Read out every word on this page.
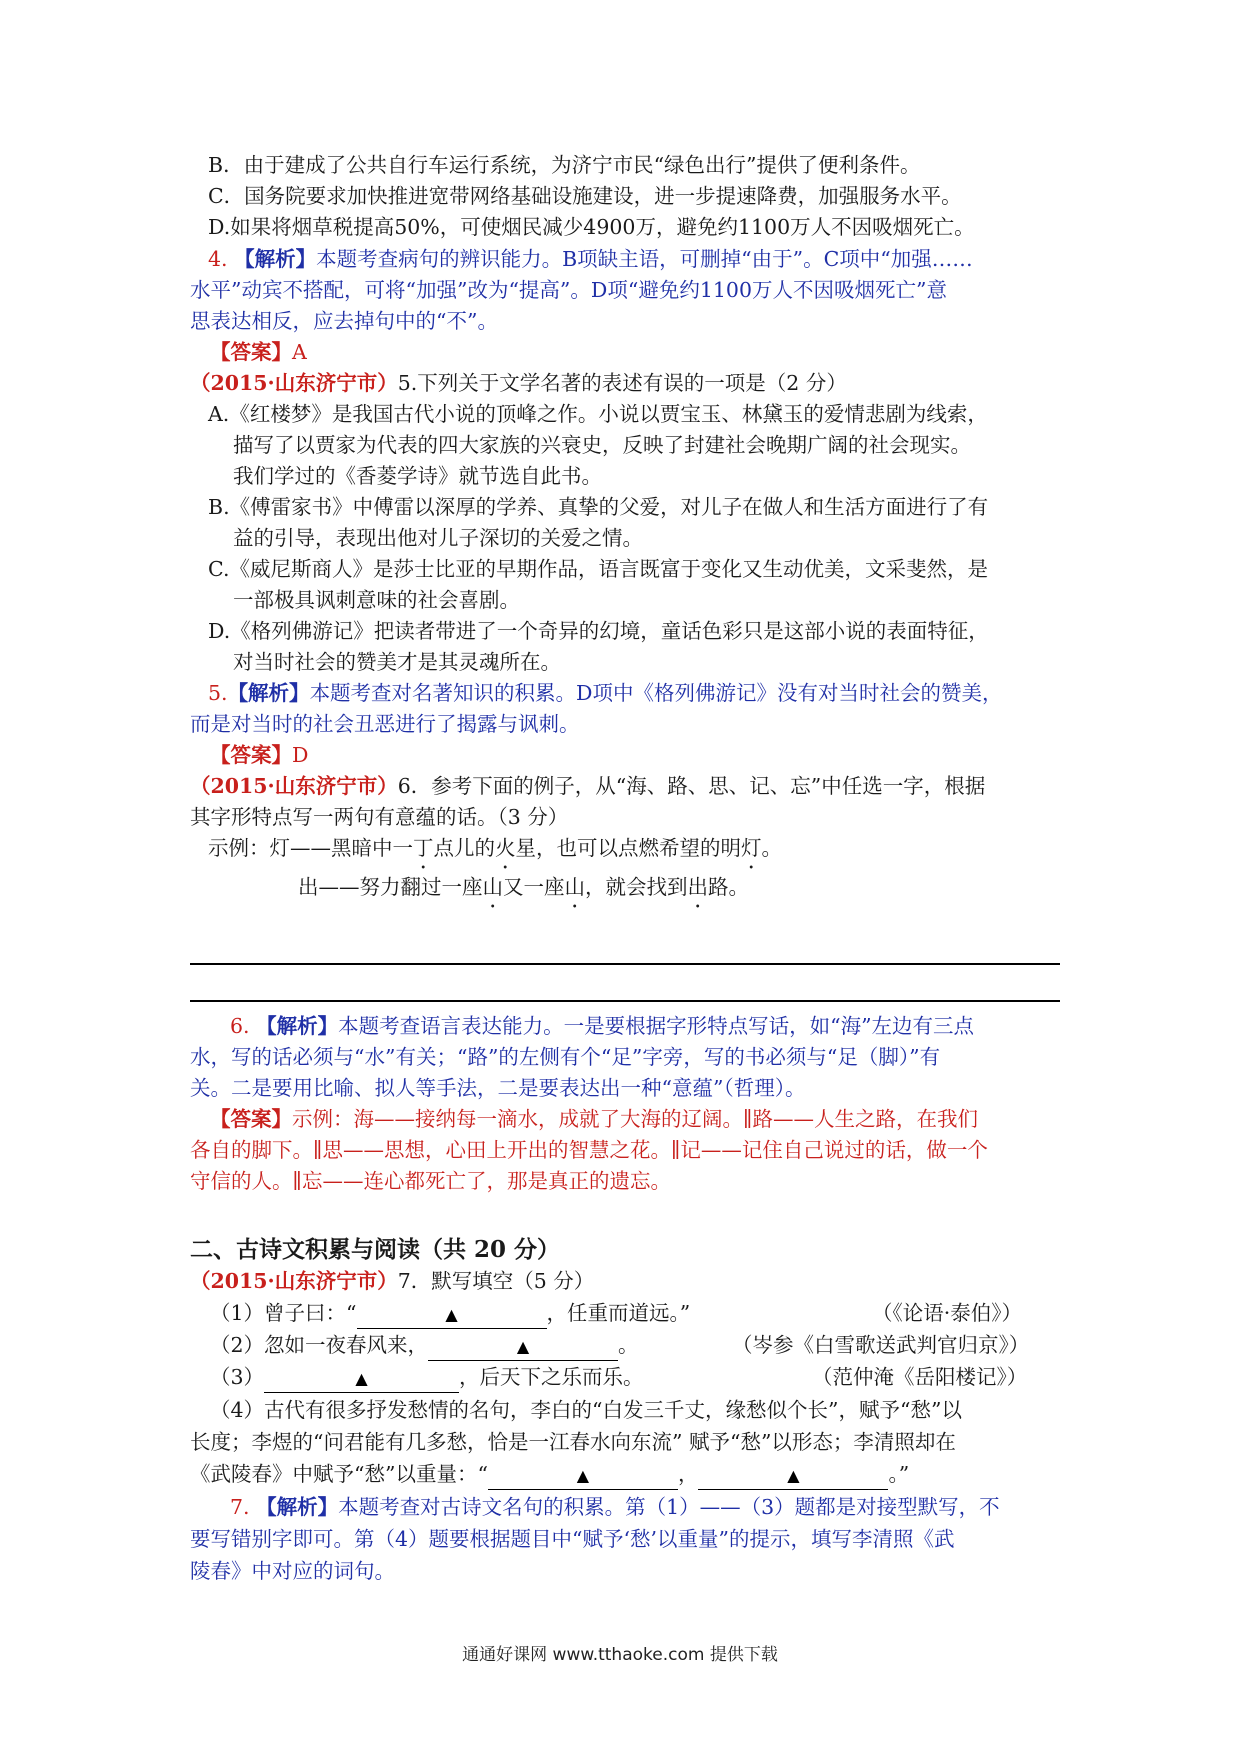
B．由于建成了公共自行车运行系统，为济宁市民“绿色出行”提供了便利条件。
C．国务院要求加快推进宽带网络基础设施建设，进一步提速降费，加强服务水平。
D.如果将烟草税提高50%，可使烟民减少4900万，避免约1100万人不因吸烟死亡。
4. 【解析】本题考查病句的辨识能力。B项缺主语，可删掉“由于”。C项中“加强……
水平”动宾不搭配，可将“加强”改为“提高”。D项“避免约1100万人不因吸烟死亡”意
思表达相反，应去掉句中的“不”。
【答案】A
（2015·山东济宁市）5.下列关于文学名著的表述有误的一项是（2 分）
A.《红楼梦》是我国古代小说的顶峰之作。小说以贾宝玉、林黛玉的爱情悲剧为线索，
描写了以贾家为代表的四大家族的兴衰史，反映了封建社会晚期广阔的社会现实。
我们学过的《香菱学诗》就节选自此书。
B.《傅雷家书》中傅雷以深厚的学养、真挚的父爱，对儿子在做人和生活方面进行了有
益的引导，表现出他对儿子深切的关爱之情。
C.《威尼斯商人》是莎士比亚的早期作品，语言既富于变化又生动优美，文采斐然，是
一部极具讽刺意味的社会喜剧。
D.《格列佛游记》把读者带进了一个奇异的幻境，童话色彩只是这部小说的表面特征，
对当时社会的赞美才是其灵魂所在。
5.【解析】本题考查对名著知识的积累。D项中《格列佛游记》没有对当时社会的赞美，
而是对当时的社会丑恶进行了揭露与讽刺。
【答案】D
（2015·山东济宁市）6．参考下面的例子，从“海、路、思、记、忘”中任选一字，根据
其字形特点写一两句有意蕴的话。（3 分）
示例：灯——黑暗中一丁点儿的火星，也可以点燃希望的明灯。
出——努力翻过一座山又一座山，就会找到出路。
6. 【解析】本题考查语言表达能力。一是要根据字形特点写话，如“海”左边有三点
水，写的话必须与“水”有关；“路”的左侧有个“足”字旁，写的书必须与“足（脚）”有
关。二是要用比喻、拟人等手法，二是要表达出一种“意蕴”（哲理）。
【答案】示例：海——接纳每一滴水，成就了大海的辽阔。∥路——人生之路，在我们
各自的脚下。∥思——思想，心田上开出的智慧之花。∥记——记住自己说过的话，做一个
守信的人。∥忘——连心都死亡了，那是真正的遗忘。
二、古诗文积累与阅读（共 20 分）
（2015·山东济宁市）7．默写填空（5 分）
（1）曾子曰：“	▲	，任重而道远。”	（《论语·泰伯》）
（2）忽如一夜春风来，	▲	。	（岑参《白雪歌送武判官归京》）
（3）	▲	，后天下之乐而乐。	（范仲淹《岳阳楼记》）
（4）古代有很多抒发愁情的名句，李白的“白发三千丈，缘愁似个长”，赋予“愁”以
长度；李煜的“问君能有几多愁，恰是一江春水向东流” 赋予“愁”以形态；李清照却在
《武陵春》中赋予“愁”以重量：“	▲	，	▲	。”
7. 【解析】本题考查对古诗文名句的积累。第（1）——（3）题都是对接型默写，不
要写错别字即可。第（4）题要根据题目中“赋予‘愁’以重量”的提示，填写李清照《武
陵春》中对应的词句。
通通好课网 www.tthaoke.com 提供下载
